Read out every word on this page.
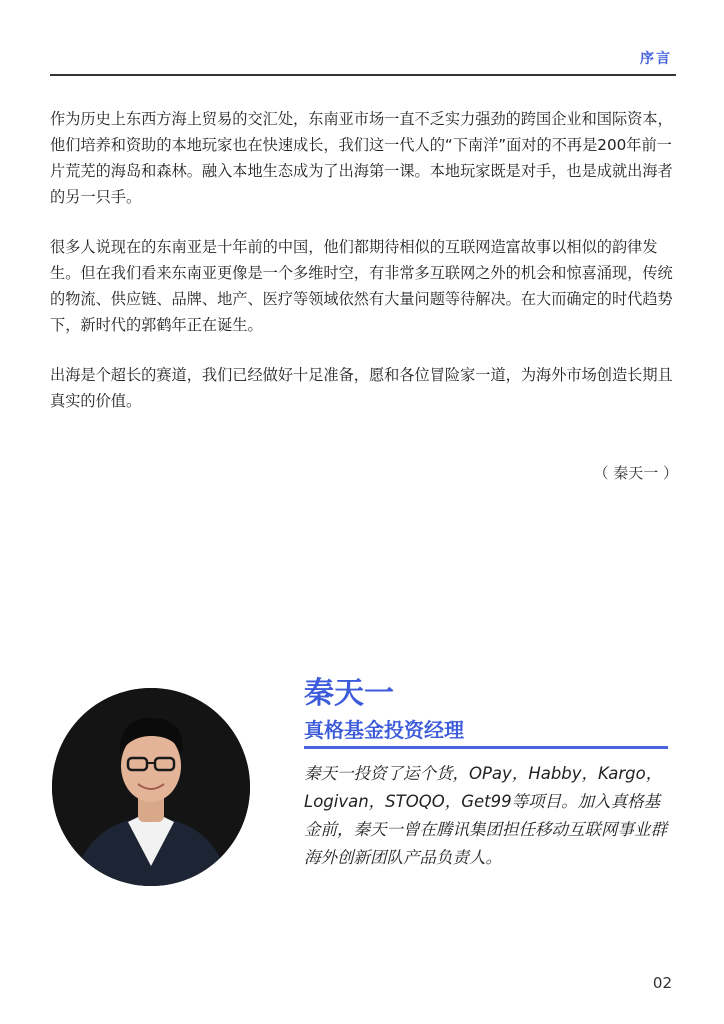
序言

作为历史上东西方海上贸易的交汇处，东南亚市场一直不乏实力强劲的跨国企业和国际资本，他们培养和资助的本地玩家也在快速成长，我们这一代人的“下南洋”面对的不再是200年前一片荒芜的海岛和森林。融入本地生态成为了出海第一课。本地玩家既是对手，也是成就出海者的另一只手。

很多人说现在的东南亚是十年前的中国，他们都期待相似的互联网造富故事以相似的韵律发生。但在我们看来东南亚更像是一个多维时空，有非常多互联网之外的机会和惊喜涌现，传统的物流、供应链、品牌、地产、医疗等领域依然有大量问题等待解决。在大而确定的时代趋势下，新时代的郭鹤年正在诞生。

出海是个超长的赛道，我们已经做好十足准备，愿和各位冒险家一道，为海外市场创造长期且真实的价值。

（ 秦天一 ）
秦天一
真格基金投资经理
秦天一投资了运个货，OPay，Habby，Kargo，Logivan，STOQO，Get99等项目。加入真格基金前，秦天一曾在腾讯集团担任移动互联网事业群海外创新团队产品负责人。
02
